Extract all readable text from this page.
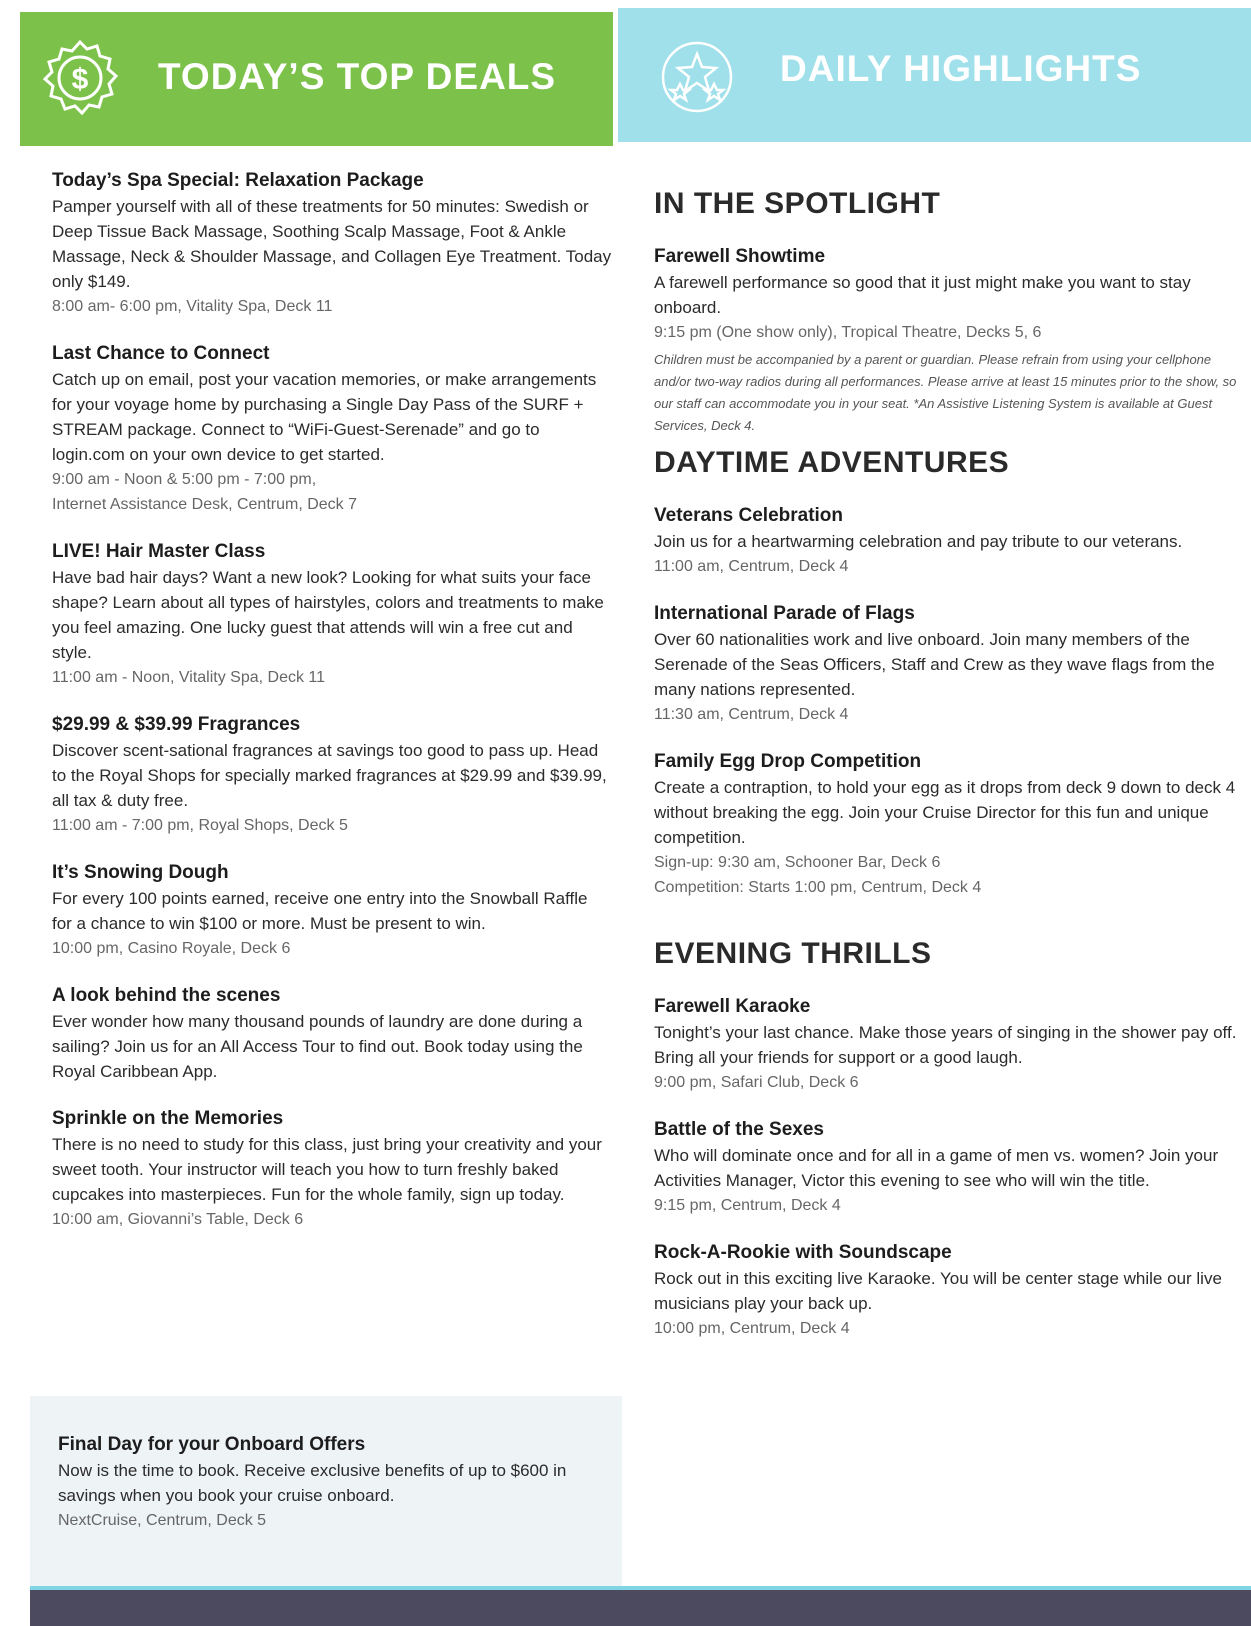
$ TODAY’S TOP DEALS	DAILY HIGHLIGHTS
Today’s Spa Special: Relaxation Package
Pamper yourself with all of these treatments for 50 minutes: Swedish or Deep Tissue Back Massage, Soothing Scalp Massage, Foot & Ankle Massage, Neck & Shoulder Massage, and Collagen Eye Treatment. Today only $149.
8:00 am- 6:00 pm, Vitality Spa, Deck 11
Last Chance to Connect
Catch up on email, post your vacation memories, or make arrangements for your voyage home by purchasing a Single Day Pass of the SURF + STREAM package. Connect to “WiFi-Guest-Serenade” and go to login.com on your own device to get started.
9:00 am - Noon & 5:00 pm - 7:00 pm,
Internet Assistance Desk, Centrum, Deck 7
LIVE! Hair Master Class
Have bad hair days? Want a new look? Looking for what suits your face shape? Learn about all types of hairstyles, colors and treatments to make you feel amazing. One lucky guest that attends will win a free cut and style.
11:00 am - Noon, Vitality Spa, Deck 11
$29.99 & $39.99 Fragrances
Discover scent-sational fragrances at savings too good to pass up. Head to the Royal Shops for specially marked fragrances at $29.99 and $39.99, all tax & duty free.
11:00 am - 7:00 pm, Royal Shops, Deck 5
It’s Snowing Dough
For every 100 points earned, receive one entry into the Snowball Raffle for a chance to win $100 or more. Must be present to win.
10:00 pm, Casino Royale, Deck 6
A look behind the scenes
Ever wonder how many thousand pounds of laundry are done during a sailing? Join us for an All Access Tour to find out. Book today using the Royal Caribbean App.
Sprinkle on the Memories
There is no need to study for this class, just bring your creativity and your sweet tooth. Your instructor will teach you how to turn freshly baked cupcakes into masterpieces. Fun for the whole family, sign up today.
10:00 am, Giovanni’s Table, Deck 6
Final Day for your Onboard Offers
Now is the time to book. Receive exclusive benefits of up to $600 in savings when you book your cruise onboard.
NextCruise, Centrum, Deck 5
IN THE SPOTLIGHT
Farewell Showtime
A farewell performance so good that it just might make you want to stay onboard.
9:15 pm (One show only), Tropical Theatre, Decks 5, 6
Children must be accompanied by a parent or guardian. Please refrain from using your cellphone and/or two-way radios during all performances. Please arrive at least 15 minutes prior to the show, so our staff can accommodate you in your seat. *An Assistive Listening System is available at Guest Services, Deck 4.
DAYTIME ADVENTURES
Veterans Celebration
Join us for a heartwarming celebration and pay tribute to our veterans.
11:00 am, Centrum, Deck 4
International Parade of Flags
Over 60 nationalities work and live onboard. Join many members of the Serenade of the Seas Officers, Staff and Crew as they wave flags from the many nations represented.
11:30 am, Centrum, Deck 4
Family Egg Drop Competition
Create a contraption, to hold your egg as it drops from deck 9 down to deck 4 without breaking the egg. Join your Cruise Director for this fun and unique competition.
Sign-up: 9:30 am, Schooner Bar, Deck 6
Competition: Starts 1:00 pm, Centrum, Deck 4
EVENING THRILLS
Farewell Karaoke
Tonight’s your last chance. Make those years of singing in the shower pay off. Bring all your friends for support or a good laugh.
9:00 pm, Safari Club, Deck 6
Battle of the Sexes
Who will dominate once and for all in a game of men vs. women? Join your Activities Manager, Victor this evening to see who will win the title.
9:15 pm, Centrum, Deck 4
Rock-A-Rookie with Soundscape
Rock out in this exciting live Karaoke. You will be center stage while our live musicians play your back up.
10:00 pm, Centrum, Deck 4
